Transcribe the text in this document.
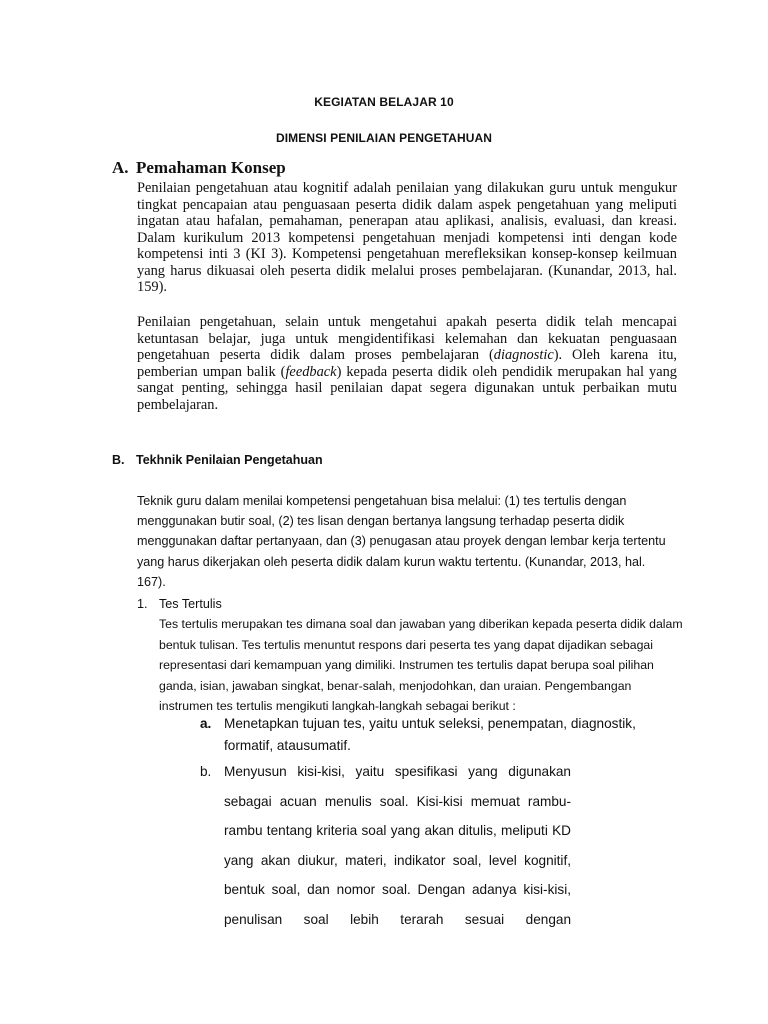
KEGIATAN BELAJAR 10
DIMENSI PENILAIAN PENGETAHUAN
A. Pemahaman Konsep

Penilaian pengetahuan atau kognitif adalah penilaian yang dilakukan guru untuk mengukur tingkat pencapaian atau penguasaan peserta didik dalam aspek pengetahuan yang meliputi ingatan atau hafalan, pemahaman, penerapan atau aplikasi, analisis, evaluasi, dan kreasi. Dalam kurikulum 2013 kompetensi pengetahuan menjadi kompetensi inti dengan kode kompetensi inti 3 (KI 3). Kompetensi pengetahuan merefleksikan konsep-konsep keilmuan yang harus dikuasai oleh peserta didik melalui proses pembelajaran. (Kunandar, 2013, hal. 159).

Penilaian pengetahuan, selain untuk mengetahui apakah peserta didik telah mencapai ketuntasan belajar, juga untuk mengidentifikasi kelemahan dan kekuatan penguasaan pengetahuan peserta didik dalam proses pembelajaran (diagnostic). Oleh karena itu, pemberian umpan balik (feedback) kepada peserta didik oleh pendidik merupakan hal yang sangat penting, sehingga hasil penilaian dapat segera digunakan untuk perbaikan mutu pembelajaran.

B. Tekhnik Penilaian Pengetahuan

Teknik guru dalam menilai kompetensi pengetahuan bisa melalui: (1) tes tertulis dengan menggunakan butir soal, (2) tes lisan dengan bertanya langsung terhadap peserta didik menggunakan daftar pertanyaan, dan (3) penugasan atau proyek dengan lembar kerja tertentu yang harus dikerjakan oleh peserta didik dalam kurun waktu tertentu. (Kunandar, 2013, hal. 167).

1. Tes Tertulis

Tes tertulis merupakan tes dimana soal dan jawaban yang diberikan kepada peserta didik dalam bentuk tulisan. Tes tertulis menuntut respons dari peserta tes yang dapat dijadikan sebagai representasi dari kemampuan yang dimiliki. Instrumen tes tertulis dapat berupa soal pilihan ganda, isian, jawaban singkat, benar-salah, menjodohkan, dan uraian. Pengembangan instrumen tes tertulis mengikuti langkah-langkah sebagai berikut :

a. Menetapkan tujuan tes, yaitu untuk seleksi, penempatan, diagnostik, formatif, atausumatif.
b. Menyusun kisi-kisi, yaitu spesifikasi yang digunakan sebagai acuan menulis soal. Kisi-kisi memuat rambu-rambu tentang kriteria soal yang akan ditulis, meliputi KD yang akan diukur, materi, indikator soal, level kognitif, bentuk soal, dan nomor soal. Dengan adanya kisi-kisi, penulisan soal lebih terarah sesuai dengan
